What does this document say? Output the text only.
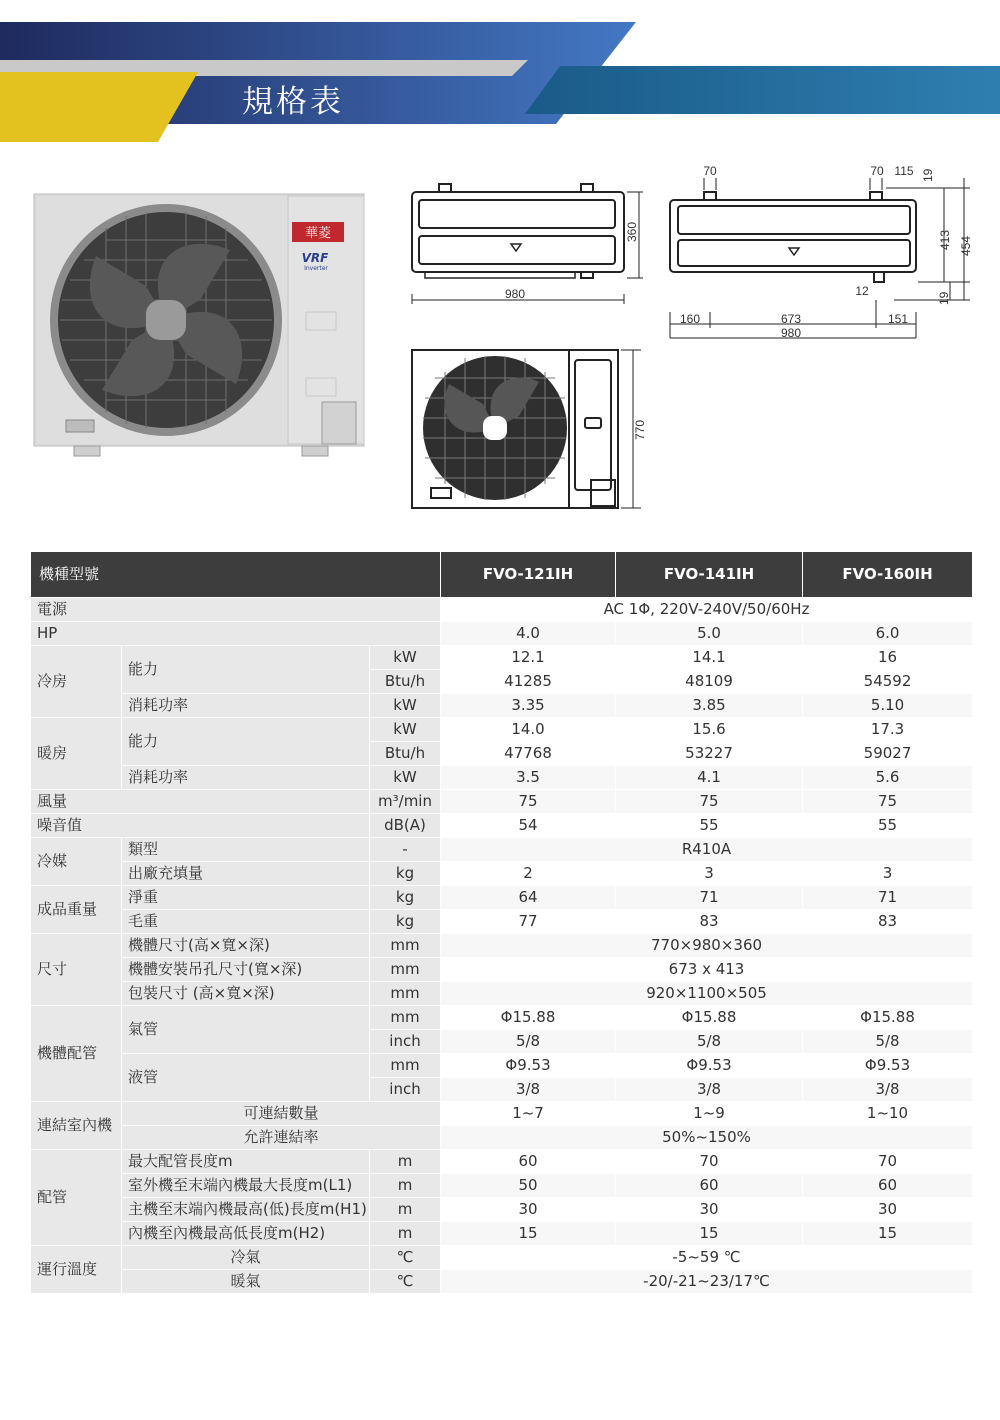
規格表
華菱
VRF
Inverter
980
360
70	70 115 19
413 454
12
19
160	673	151
980
770
機種型號			FVO-121IH	FVO-141IH	FVO-160IH
電源			AC 1Φ, 220V-240V/50/60Hz		
HP			4.0	5.0	6.0
冷房	能力	kW	12.1	14.1	16
		Btu/h	41285	48109	54592
	消耗功率	kW	3.35	3.85	5.10
暖房	能力	kW	14.0	15.6	17.3
		Btu/h	47768	53227	59027
	消耗功率	kW	3.5	4.1	5.6
風量		m³/min	75	75	75
噪音值		dB(A)	54	55	55
冷媒	類型	-	R410A		
	出廠充填量	kg	2	3	3
成品重量	淨重	kg	64	71	71
	毛重	kg	77	83	83
尺寸	機體尺寸(高×寬×深)	mm	770×980×360		
	機體安裝吊孔尺寸(寬×深)	mm	673 x 413		
	包裝尺寸 (高×寬×深)	mm	920×1100×505		
機體配管	氣管	mm	Φ15.88	Φ15.88	Φ15.88
		inch	5/8	5/8	5/8
	液管	mm	Φ9.53	Φ9.53	Φ9.53
		inch	3/8	3/8	3/8
連結室內機	可連結數量		1~7	1~9	1~10
	允許連結率		50%~150%		
配管	最大配管長度m	m	60	70	70
	室外機至末端內機最大長度m(L1)	m	50	60	60
	主機至末端內機最高(低)長度m(H1)	m	30	30	30
	內機至內機最高低長度m(H2)	m	15	15	15
運行溫度	冷氣	℃	-5~59 ℃		
	暖氣	℃	-20/-21~23/17℃		
